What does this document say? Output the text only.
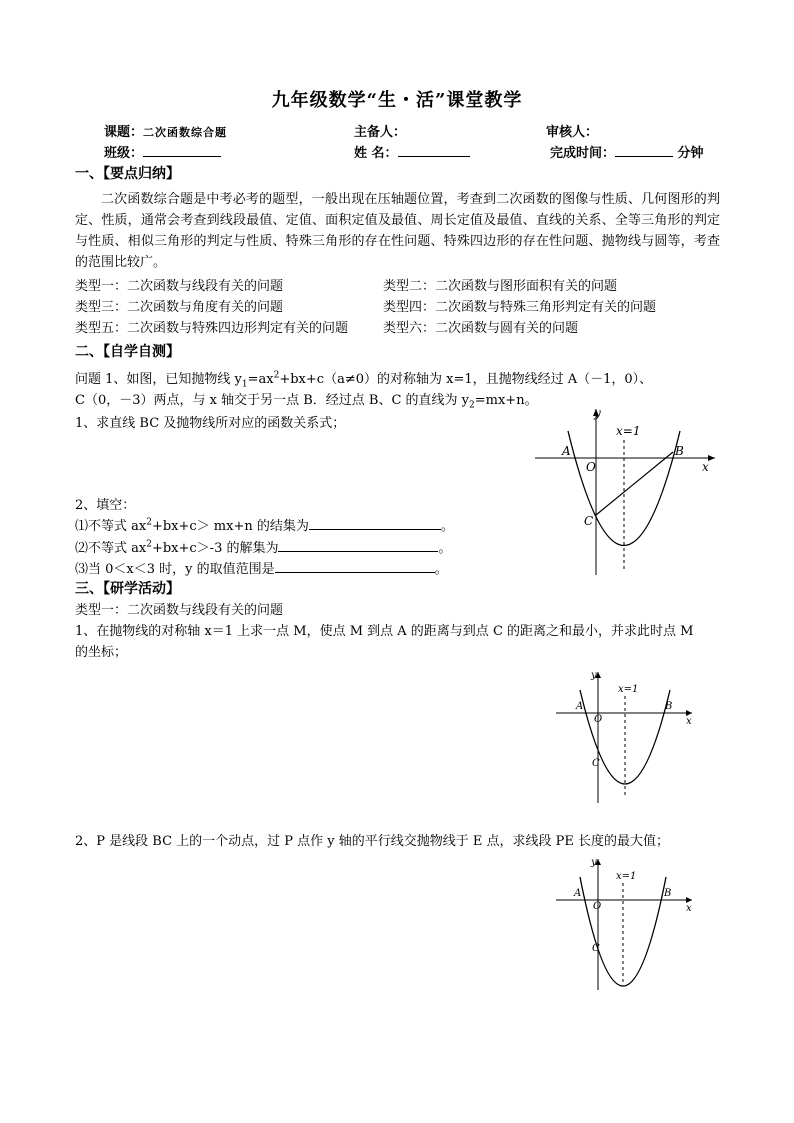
九年级数学“生・活”课堂教学
课题：二次函数综合题	主备人：	审核人：
班级：	姓 名：	完成时间：	分钟
一、【要点归纳】
二次函数综合题是中考必考的题型，一般出现在压轴题位置，考查到二次函数的图像与性质、几何图形的判定、性质，通常会考查到线段最值、定值、面积定值及最值、周长定值及最值、直线的关系、全等三角形的判定与性质、相似三角形的判定与性质、特殊三角形的存在性问题、特殊四边形的存在性问题、抛物线与圆等，考查的范围比较广。
类型一：二次函数与线段有关的问题	类型二：二次函数与图形面积有关的问题
类型三：二次函数与角度有关的问题	类型四：二次函数与特殊三角形判定有关的问题
类型五：二次函数与特殊四边形判定有关的问题	类型六：二次函数与圆有关的问题
二、【自学自测】
问题 1、如图，已知抛物线 $y_1=ax^2+bx+c(a\ne 0)$的对称轴为 x=1，且抛物线经过 A（－1，0）、
C（0，－3）两点，与 x 轴交于另一点 B．经过点 B、C 的直线为 $y_2=mx+n$。
1、求直线 BC 及抛物线所对应的函数关系式；
2、填空：
⑴不等式 $ax^2+bx+c> mx+n$ 的结集为	。
⑵不等式 $ax^2+bx+c>-3$ 的解集为	。
⑶当 0＜x＜3 时，y 的取值范围是	。
三、【研学活动】
类型一：二次函数与线段有关的问题
1、在抛物线的对称轴 x＝1 上求一点 M，使点 M 到点 A 的距离与到点 C 的距离之和最小，并求此时点 M
的坐标；
2、P 是线段 BC 上的一个动点，过 P 点作 y 轴的平行线交抛物线于 E 点，求线段 PE 长度的最大值；
y
x
x=1
A	B
C
O
y
x
x=1
A	B
C
O
y
x
x=1
A	B
C
O
